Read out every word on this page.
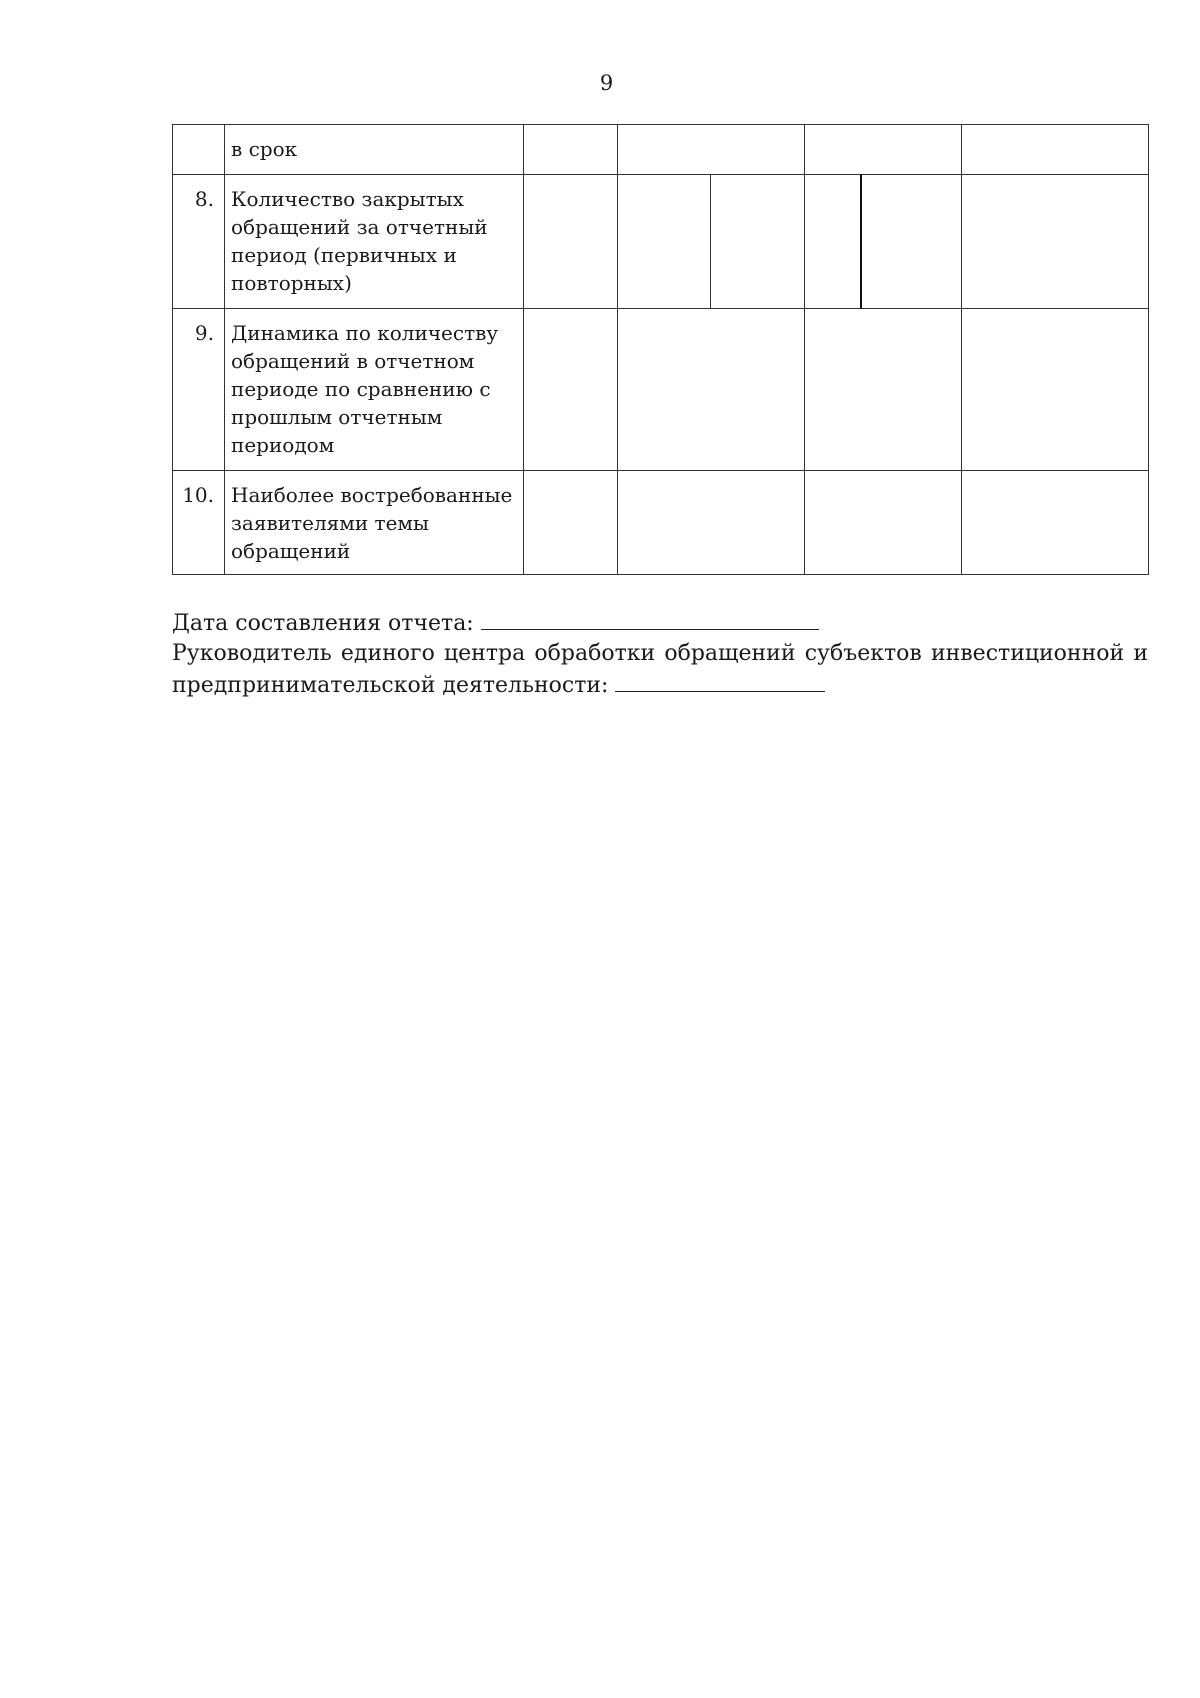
9
	в срок						
8.	Количество закрытых обращений за отчетный период (первичных и повторных)						
9.	Динамика по количеству обращений в отчетном периоде по сравнению с прошлым отчетным периодом						
10.	Наиболее востребованные заявителями темы обращений						
Дата составления отчета:
Руководитель единого центра обработки обращений субъектов инвестиционной и
предпринимательской деятельности:
